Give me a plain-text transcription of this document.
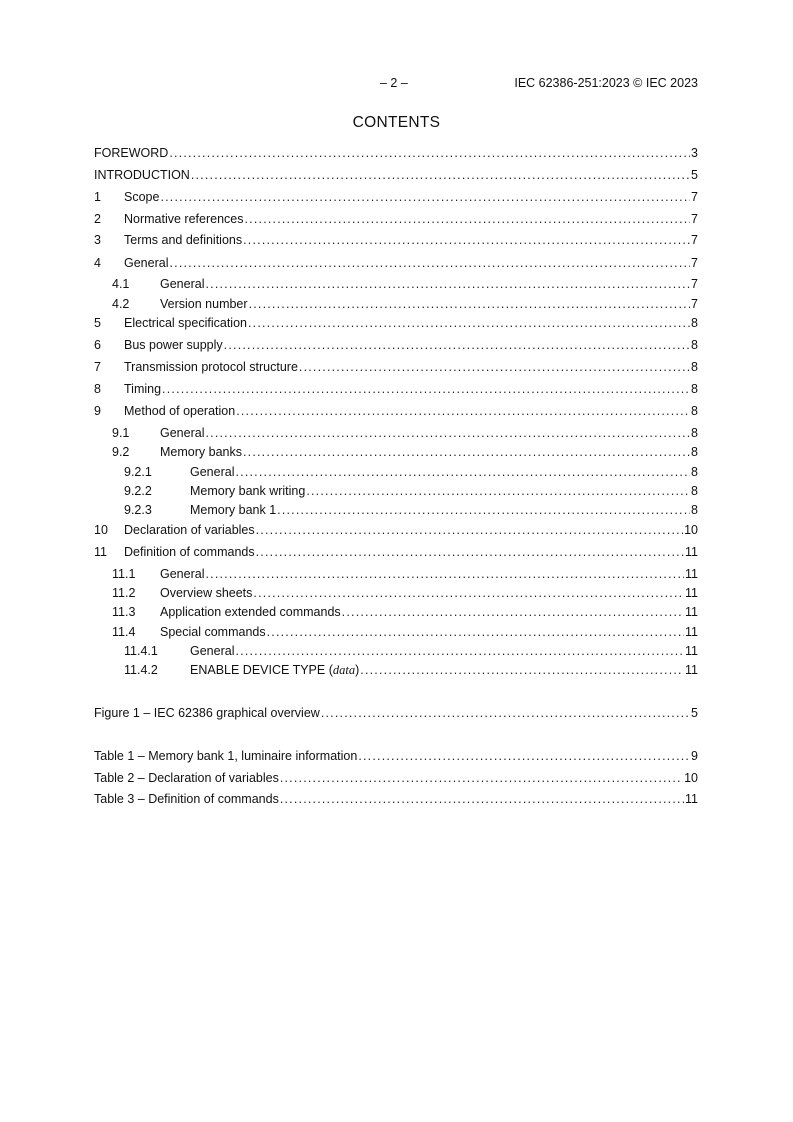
– 2 –	IEC 62386-251:2023 © IEC 2023
CONTENTS
FOREWORD .....	3
INTRODUCTION .....	5
1	Scope .....	7
2	Normative references .....	7
3	Terms and definitions .....	7
4	General .....	7
4.1	General .....	7
4.2	Version number .....	7
5	Electrical specification .....	8
6	Bus power supply .....	8
7	Transmission protocol structure .....	8
8	Timing .....	8
9	Method of operation .....	8
9.1	General .....	8
9.2	Memory banks .....	8
9.2.1	General .....	8
9.2.2	Memory bank writing .....	8
9.2.3	Memory bank 1 .....	8
10	Declaration of variables .....	10
11	Definition of commands .....	11
11.1	General .....	11
11.2	Overview sheets .....	11
11.3	Application extended commands .....	11
11.4	Special commands .....	11
11.4.1	General .....	11
11.4.2	ENABLE DEVICE TYPE (data) .....	11
Figure 1 – IEC 62386 graphical overview .....	5
Table 1 – Memory bank 1, luminaire information .....	9
Table 2 – Declaration of variables .....	10
Table 3 – Definition of commands .....	11
